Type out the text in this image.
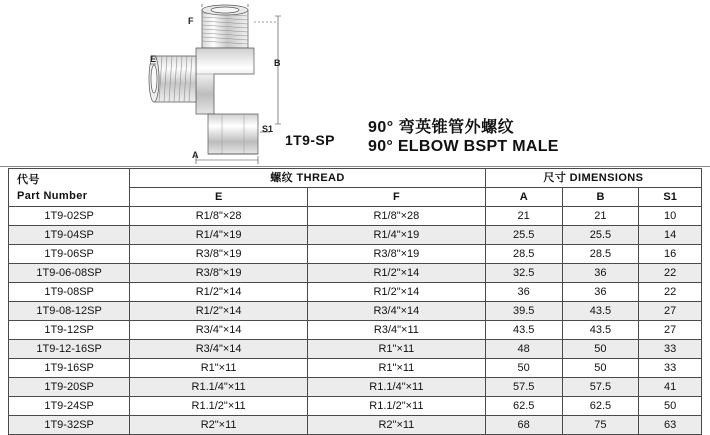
F
E	B
A
S1
1T9-SP
90° 弯英锥管外螺纹
90° ELBOW BSPT MALE
代号
Part Number	螺纹 THREAD		尺寸 DIMENSIONS		
	E	F	A	B	S1
1T9-02SP	R1/8"×28	R1/8"×28	21	21	10
1T9-04SP	R1/4"×19	R1/4"×19	25.5	25.5	14
1T9-06SP	R3/8"×19	R3/8"×19	28.5	28.5	16
1T9-06-08SP	R3/8"×19	R1/2"×14	32.5	36	22
1T9-08SP	R1/2"×14	R1/2"×14	36	36	22
1T9-08-12SP	R1/2"×14	R3/4"×14	39.5	43.5	27
1T9-12SP	R3/4"×14	R3/4"×11	43.5	43.5	27
1T9-12-16SP	R3/4"×14	R1"×11	48	50	33
1T9-16SP	R1"×11	R1"×11	50	50	33
1T9-20SP	R1.1/4"×11	R1.1/4"×11	57.5	57.5	41
1T9-24SP	R1.1/2"×11	R1.1/2"×11	62.5	62.5	50
1T9-32SP	R2"×11	R2"×11	68	75	63
